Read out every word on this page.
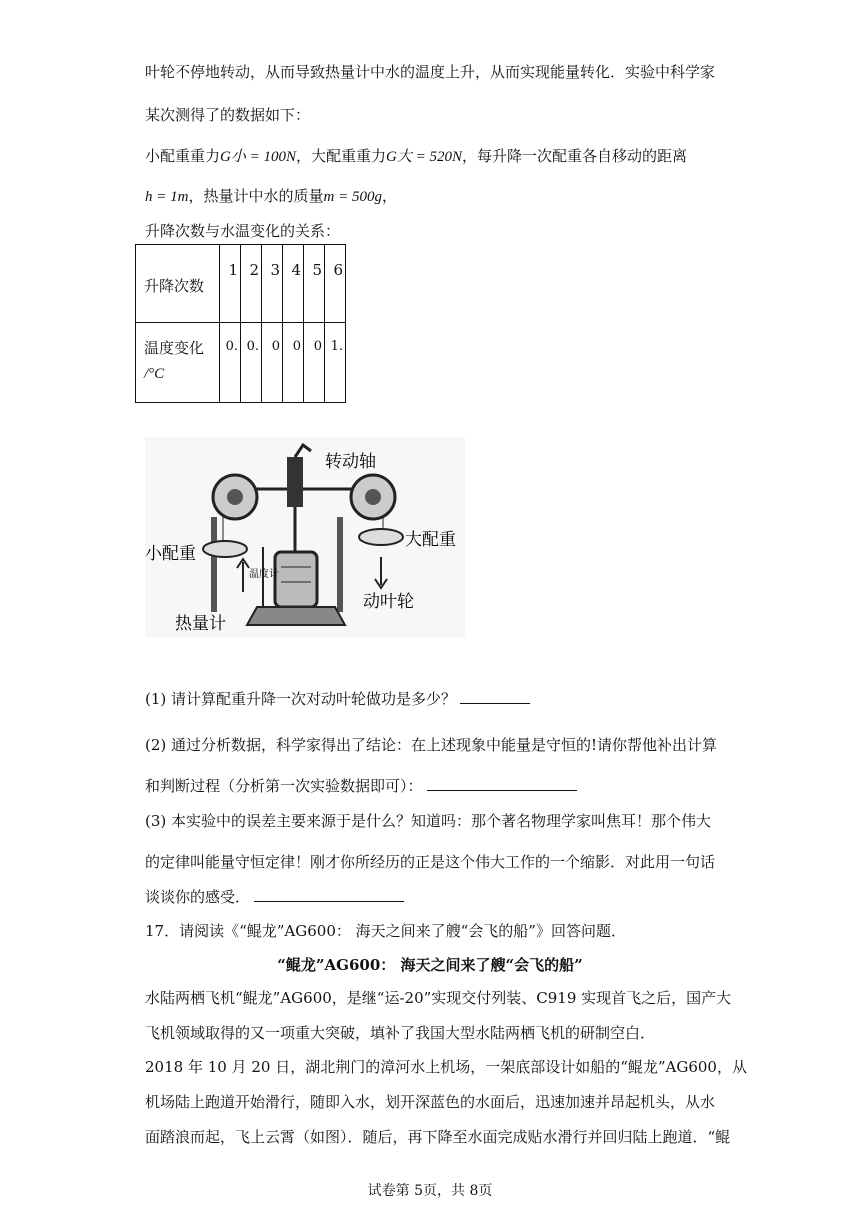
叶轮不停地转动，从而导致热量计中水的温度上升，从而实现能量转化．实验中科学家
某次测得了的数据如下：
小配重重力G小 = 100N，大配重重力G大 = 520N，每升降一次配重各自移动的距离
h = 1m，热量计中水的质量m = 500g，
升降次数与水温变化的关系：
升降次数	1	2	3	4	5	6

温度变化
/°C	0.	0.	0	0	0	1.
转动轴
小配重
大配重
温度计
动叶轮
热量计
(1) 请计算配重升降一次对动叶轮做功是多少？
(2) 通过分析数据，科学家得出了结论：在上述现象中能量是守恒的!请你帮他补出计算
和判断过程（分析第一次实验数据即可）：
(3) 本实验中的误差主要来源于是什么？知道吗：那个著名物理学家叫焦耳！那个伟大
的定律叫能量守恒定律！刚才你所经历的正是这个伟大工作的一个缩影．对此用一句话
谈谈你的感受．
17．请阅读《“鲲龙”AG600： 海天之间来了艘“会飞的船”》回答问题．
“鲲龙”AG600： 海天之间来了艘“会飞的船”
水陆两栖飞机“鲲龙”AG600，是继“运-20”实现交付列装、C919 实现首飞之后，国产大
飞机领域取得的又一项重大突破，填补了我国大型水陆两栖飞机的研制空白．
2018 年 10 月 20 日，湖北荆门的漳河水上机场，一架底部设计如船的“鲲龙”AG600，从
机场陆上跑道开始滑行，随即入水，划开深蓝色的水面后，迅速加速并昂起机头，从水
面踏浪而起，飞上云霄（如图）．随后，再下降至水面完成贴水滑行并回归陆上跑道．“鲲
试卷第 5页，共 8页
